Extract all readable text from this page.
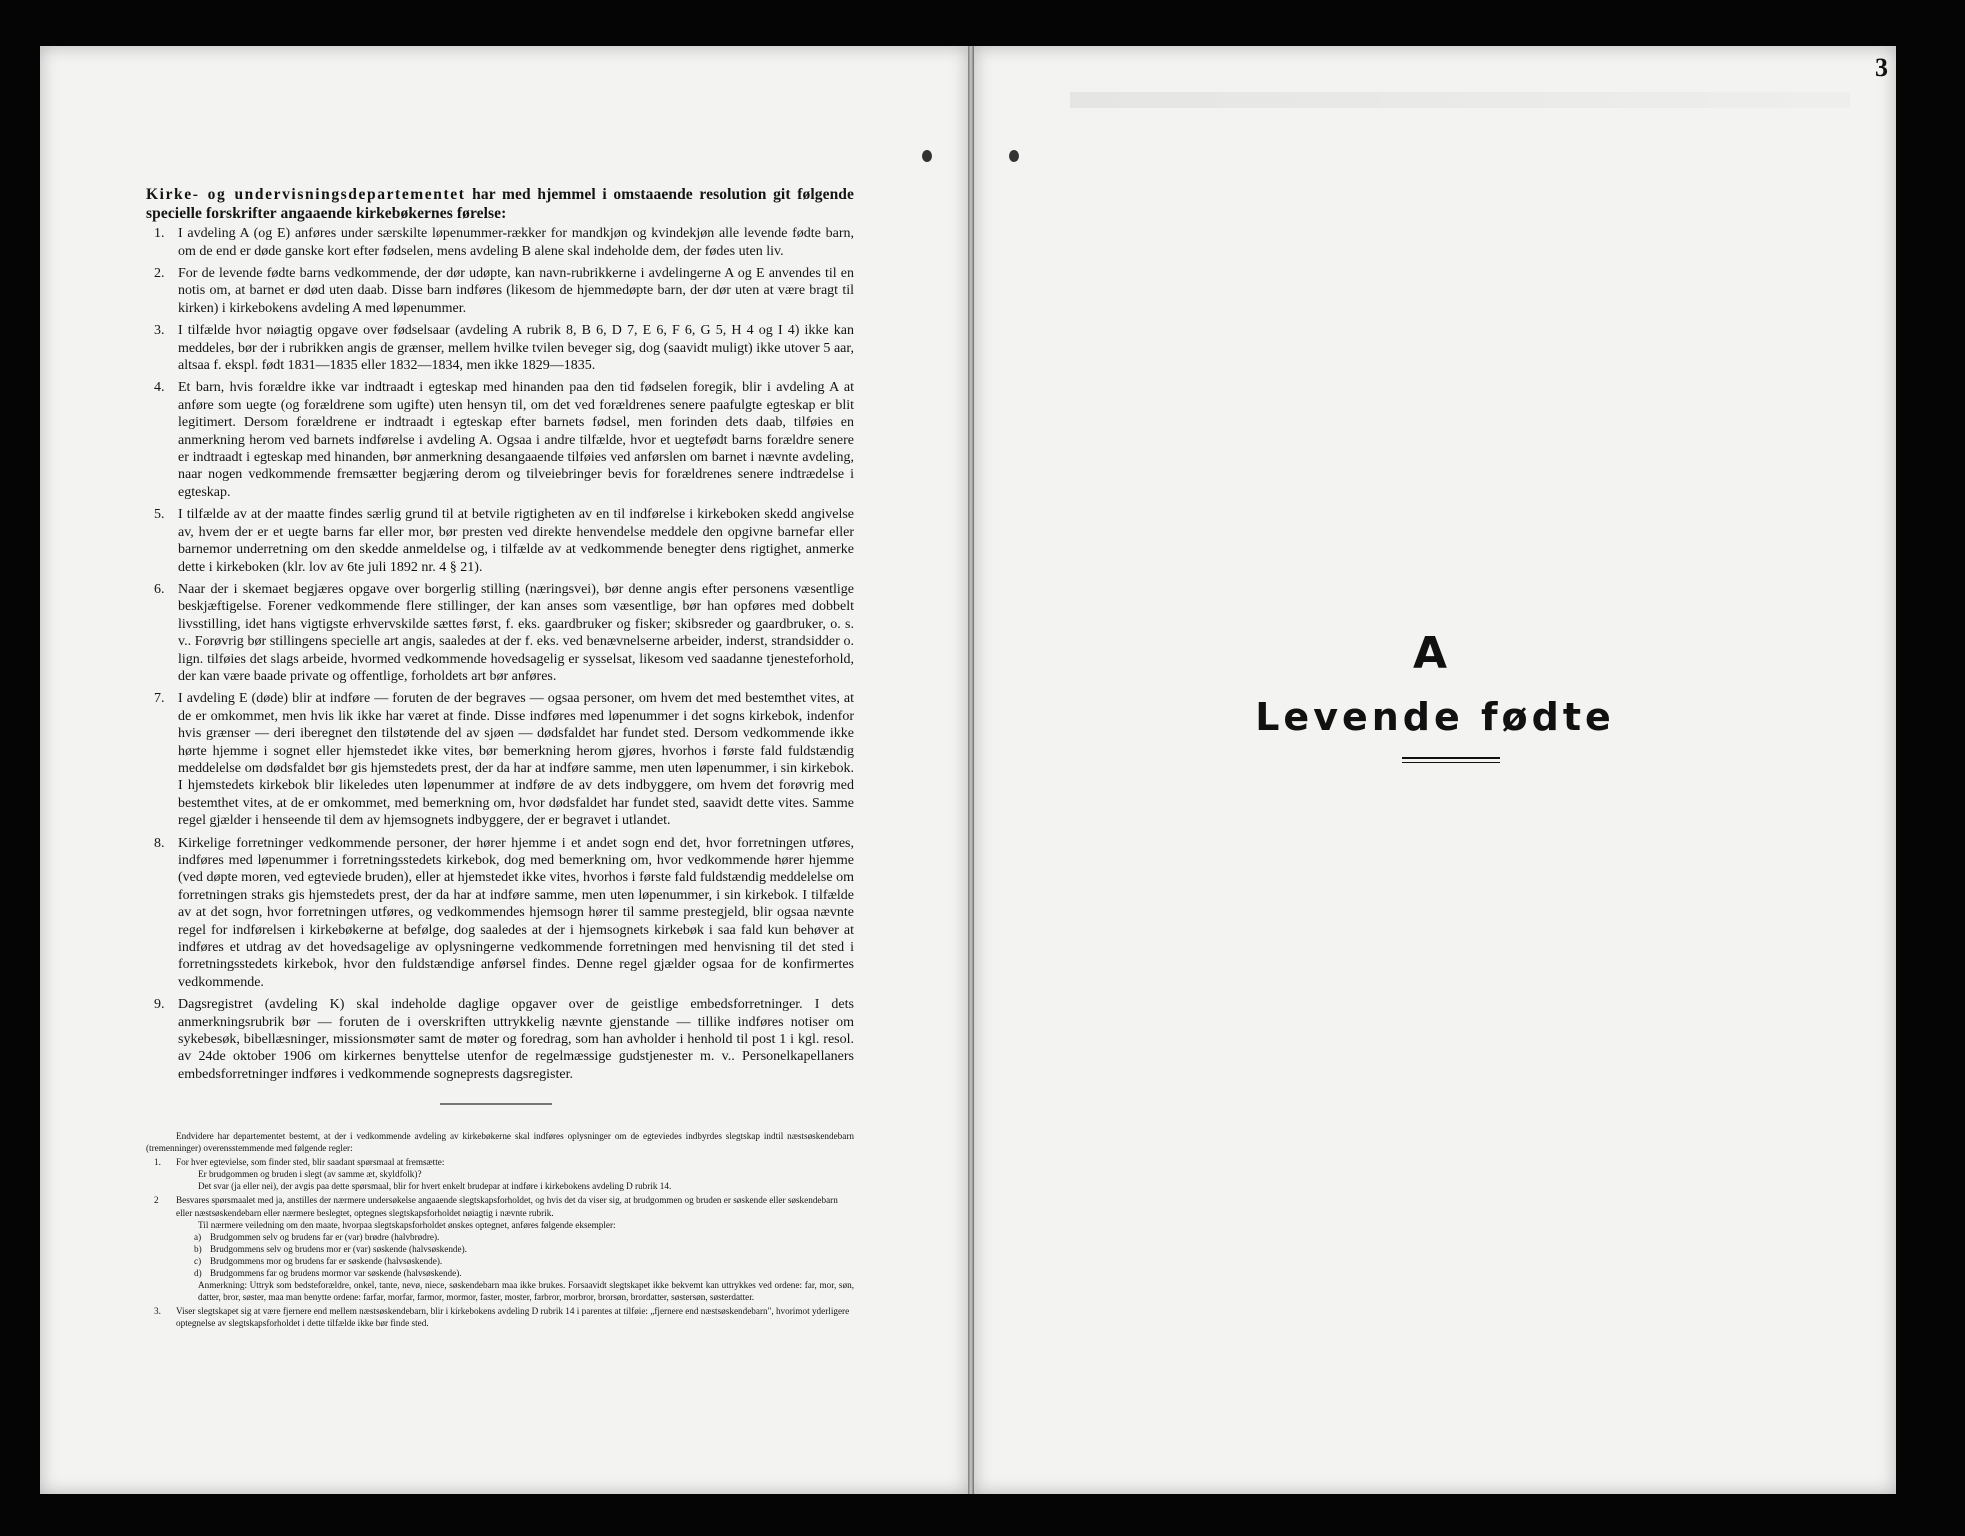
Kirke- og undervisningsdepartementet har med hjemmel i omstaaende resolution git følgende specielle forskrifter angaaende kirkebøkernes førelse:

1. I avdeling A (og E) anføres under særskilte løpenummer-rækker for mandkjøn og kvindekjøn alle levende fødte barn, om de end er døde ganske kort efter fødselen, mens avdeling B alene skal indeholde dem, der fødes uten liv.
2. For de levende fødte barns vedkommende, der dør udøpte, kan navn-rubrikkerne i avdelingerne A og E anvendes til en notis om, at barnet er død uten daab. Disse barn indføres (likesom de hjemmedøpte barn, der dør uten at være bragt til kirken) i kirkebokens avdeling A med løpenummer.
3. I tilfælde hvor nøiagtig opgave over fødselsaar (avdeling A rubrik 8, B 6, D 7, E 6, F 6, G 5, H 4 og I 4) ikke kan meddeles, bør der i rubrikken angis de grænser, mellem hvilke tvilen beveger sig, dog (saavidt muligt) ikke utover 5 aar, altsaa f. ekspl. født 1831—1835 eller 1832—1834, men ikke 1829—1835.
4. Et barn, hvis forældre ikke var indtraadt i egteskap med hinanden paa den tid fødselen foregik, blir i avdeling A at anføre som uegte (og forældrene som ugifte) uten hensyn til, om det ved forældrenes senere paafulgte egteskap er blit legitimert. Dersom forældrene er indtraadt i egteskap efter barnets fødsel, men forinden dets daab, tilføies en anmerkning herom ved barnets indførelse i avdeling A. Ogsaa i andre tilfælde, hvor et uegtefødt barns forældre senere er indtraadt i egteskap med hinanden, bør anmerkning desangaaende tilføies ved anførslen om barnet i nævnte avdeling, naar nogen vedkommende fremsætter begjæring derom og tilveiebringer bevis for forældrenes senere indtrædelse i egteskap.
5. I tilfælde av at der maatte findes særlig grund til at betvile rigtigheten av en til indførelse i kirkeboken skedd angivelse av, hvem der er et uegte barns far eller mor, bør presten ved direkte henvendelse meddele den opgivne barnefar eller barnemor underretning om den skedde anmeldelse og, i tilfælde av at vedkommende benegter dens rigtighet, anmerke dette i kirkeboken (klr. lov av 6te juli 1892 nr. 4 § 21).
6. Naar der i skemaet begjæres opgave over borgerlig stilling (næringsvei), bør denne angis efter personens væsentlige beskjæftigelse. Forener vedkommende flere stillinger, der kan anses som væsentlige, bør han opføres med dobbelt livsstilling, idet hans vigtigste erhvervskilde sættes først, f. eks. gaardbruker og fisker; skibsreder og gaardbruker, o. s. v.. Forøvrig bør stillingens specielle art angis, saaledes at der f. eks. ved benævnelserne arbeider, inderst, strandsidder o. lign. tilføies det slags arbeide, hvormed vedkommende hovedsagelig er sysselsat, likesom ved saadanne tjenesteforhold, der kan være baade private og offentlige, forholdets art bør anføres.
7. I avdeling E (døde) blir at indføre — foruten de der begraves — ogsaa personer, om hvem det med bestemthet vites, at de er omkommet, men hvis lik ikke har været at finde. Disse indføres med løpenummer i det sogns kirkebok, indenfor hvis grænser — deri iberegnet den tilstøtende del av sjøen — dødsfaldet har fundet sted. Dersom vedkommende ikke hørte hjemme i sognet eller hjemstedet ikke vites, bør bemerkning herom gjøres, hvorhos i første fald fuldstændig meddelelse om dødsfaldet bør gis hjemstedets prest, der da har at indføre samme, men uten løpenummer, i sin kirkebok. I hjemstedets kirkebok blir likeledes uten løpenummer at indføre de av dets indbyggere, om hvem det forøvrig med bestemthet vites, at de er omkommet, med bemerkning om, hvor dødsfaldet har fundet sted, saavidt dette vites. Samme regel gjælder i henseende til dem av hjemsognets indbyggere, der er begravet i utlandet.
8. Kirkelige forretninger vedkommende personer, der hører hjemme i et andet sogn end det, hvor forretningen utføres, indføres med løpenummer i forretningsstedets kirkebok, dog med bemerkning om, hvor vedkommende hører hjemme (ved døpte moren, ved egteviede bruden), eller at hjemstedet ikke vites, hvorhos i første fald fuldstændig meddelelse om forretningen straks gis hjemstedets prest, der da har at indføre samme, men uten løpenummer, i sin kirkebok. I tilfælde av at det sogn, hvor forretningen utføres, og vedkommendes hjemsogn hører til samme prestegjeld, blir ogsaa nævnte regel for indførelsen i kirkebøkerne at befølge, dog saaledes at der i hjemsognets kirkebøk i saa fald kun behøver at indføres et utdrag av det hovedsagelige av oplysningerne vedkommende forretningen med henvisning til det sted i forretningsstedets kirkebok, hvor den fuldstændige anførsel findes. Denne regel gjælder ogsaa for de konfirmertes vedkommende.
9. Dagsregistret (avdeling K) skal indeholde daglige opgaver over de geistlige embedsforretninger. I dets anmerkningsrubrik bør — foruten de i overskriften uttrykkelig nævnte gjenstande — tillike indføres notiser om sykebesøk, bibellæsninger, missionsmøter samt de møter og foredrag, som han avholder i henhold til post 1 i kgl. resol. av 24de oktober 1906 om kirkernes benyttelse utenfor de regelmæssige gudstjenester m. v.. Personelkapellaners embedsforretninger indføres i vedkommende sogneprests dagsregister.

Endvidere har departementet bestemt, at der i vedkommende avdeling av kirkebøkerne skal indføres oplysninger om de egteviedes indbyrdes slegtskap indtil næstsøskendebarn (tremenninger) overensstemmende med følgende regler:

1. For hver egtevielse, som finder sted, blir saadant spørsmaal at fremsætte:
Er brudgommen og bruden i slegt (av samme æt, skyldfolk)?
Det svar (ja eller nei), der avgis paa dette spørsmaal, blir for hvert enkelt brudepar at indføre i kirkebokens avdeling D rubrik 14.
2 Besvares spørsmaalet med ja, anstilles der nærmere undersøkelse angaaende slegtskapsforholdet, og hvis det da viser sig, at brudgommen og bruden er søskende eller søskendebarn eller næstsøskendebarn eller nærmere beslegtet, optegnes slegtskapsforholdet nøiagtig i nævnte rubrik.
Til nærmere veiledning om den maate, hvorpaa slegtskapsforholdet ønskes optegnet, anføres følgende eksempler:
a) Brudgommen selv og brudens far er (var) brødre (halvbrødre).
b) Brudgommens selv og brudens mor er (var) søskende (halvsøskende).
c) Brudgommens mor og brudens far er søskende (halvsøskende).
d) Brudgommens far og brudens mormor var søskende (halvsøskende).
Anmerkning: Uttryk som bedsteforældre, onkel, tante, nevø, niece, søskendebarn maa ikke brukes. Forsaavidt slegtskapet ikke bekvemt kan uttrykkes ved ordene: far, mor, søn, datter, bror, søster, maa man benytte ordene: farfar, morfar, farmor, mormor, faster, moster, farbror, morbror, brorsøn, brordatter, søstersøn, søsterdatter.
3. Viser slegtskapet sig at være fjernere end mellem næstsøskendebarn, blir i kirkebokens avdeling D rubrik 14 i parentes at tilføie: „fjernere end næstsøskendebarn", hvorimot yderligere optegnelse av slegtskapsforholdet i dette tilfælde ikke bør finde sted.
3
A
Levende fødte
